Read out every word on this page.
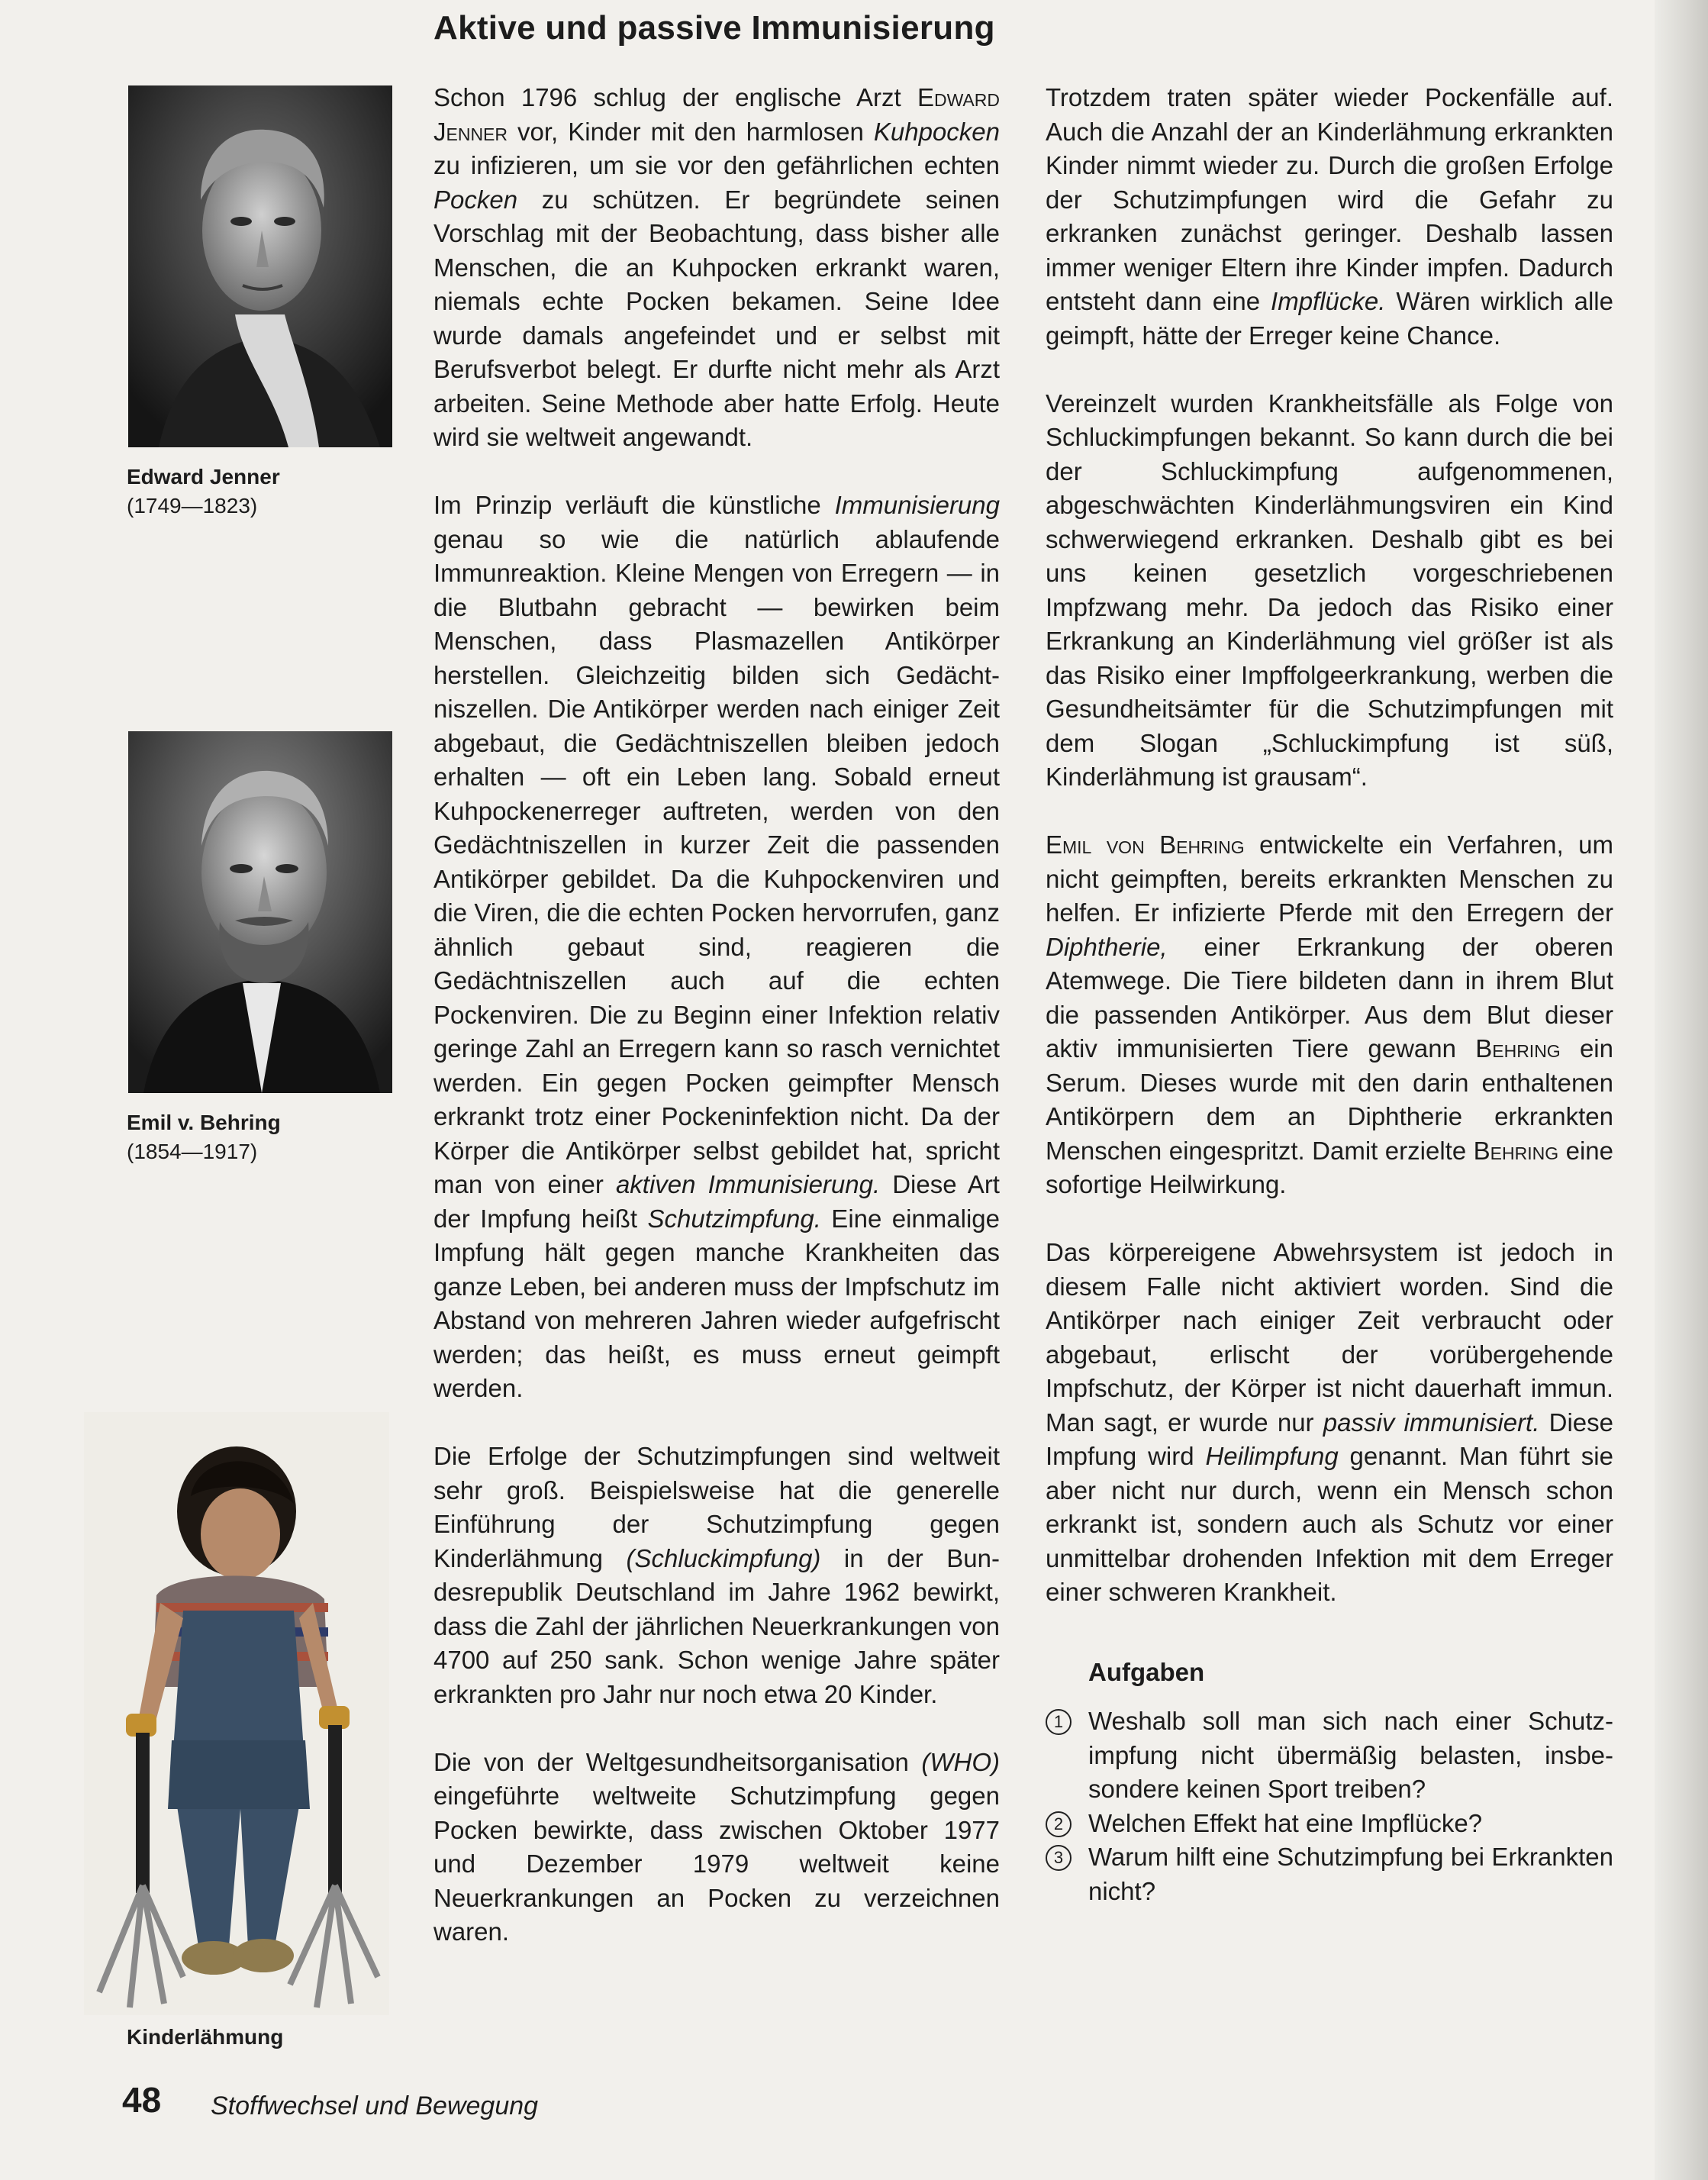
Aktive und passive Immunisierung
Edward Jenner
(1749—1823)
Emil v. Behring
(1854—1917)
Kinderlähmung

Schon 1796 schlug der englische Arzt Edward Jenner vor, Kinder mit den harmlosen Kuhpocken zu infizieren, um sie vor den gefährlichen echten Pocken zu schützen. Er begründete seinen Vorschlag mit der Beobachtung, dass bisher alle Menschen, die an Kuhpocken erkrankt waren, niemals echte Pocken bekamen. Seine Idee wurde damals angefeindet und er selbst mit Berufsverbot belegt. Er durfte nicht mehr als Arzt arbeiten. Seine Methode aber hatte Erfolg. Heute wird sie weltweit angewandt.

Im Prinzip verläuft die künstliche Immunisierung genau so wie die natürlich ablaufende Immunreaktion. Kleine Mengen von Erregern — in die Blutbahn gebracht — bewirken beim Menschen, dass Plasmazellen Antikörper herstellen. Gleichzeitig bilden sich Gedächtniszellen. Die Antikörper werden nach einiger Zeit abgebaut, die Gedächtniszellen bleiben jedoch erhalten — oft ein Leben lang. Sobald erneut Kuhpockenerreger auftreten, werden von den Gedächtniszellen in kurzer Zeit die passenden Antikörper gebildet. Da die Kuhpockenviren und die Viren, die die echten Pocken hervorrufen, ganz ähnlich gebaut sind, reagieren die Gedächtniszellen auch auf die echten Pockenviren. Die zu Beginn einer Infektion relativ geringe Zahl an Erregern kann so rasch vernichtet werden. Ein gegen Pocken geimpfter Mensch erkrankt trotz einer Pockeninfektion nicht. Da der Körper die Antikörper selbst gebildet hat, spricht man von einer aktiven Immunisierung. Diese Art der Impfung heißt Schutzimpfung. Eine einmalige Impfung hält gegen manche Krankheiten das ganze Leben, bei anderen muss der Impfschutz im Abstand von mehreren Jahren wieder aufgefrischt werden; das heißt, es muss erneut geimpft werden.

Die Erfolge der Schutzimpfungen sind weltweit sehr groß. Beispielsweise hat die generelle Einführung der Schutzimpfung gegen Kinderlähmung (Schluckimpfung) in der Bundesrepublik Deutschland im Jahre 1962 bewirkt, dass die Zahl der jährlichen Neuerkrankungen von 4700 auf 250 sank. Schon wenige Jahre später erkrankten pro Jahr nur noch etwa 20 Kinder.

Die von der Weltgesundheitsorganisation (WHO) eingeführte weltweite Schutzimpfung gegen Pocken bewirkte, dass zwischen Oktober 1977 und Dezember 1979 weltweit keine Neuerkrankungen an Pocken zu verzeichnen waren.

Trotzdem traten später wieder Pockenfälle auf. Auch die Anzahl der an Kinderlähmung erkrankten Kinder nimmt wieder zu. Durch die großen Erfolge der Schutzimpfungen wird die Gefahr zu erkranken zunächst geringer. Deshalb lassen immer weniger Eltern ihre Kinder impfen. Dadurch entsteht dann eine Impflücke. Wären wirklich alle geimpft, hätte der Erreger keine Chance.

Vereinzelt wurden Krankheitsfälle als Folge von Schluckimpfungen bekannt. So kann durch die bei der Schluckimpfung aufgenommenen, abgeschwächten Kinderlähmungsviren ein Kind schwerwiegend erkranken. Deshalb gibt es bei uns keinen gesetzlich vorgeschriebenen Impfzwang mehr. Da jedoch das Risiko einer Erkrankung an Kinderlähmung viel größer ist als das Risiko einer Impffolgeerkrankung, werben die Gesundheitsämter für die Schutzimpfungen mit dem Slogan „Schluckimpfung ist süß, Kinderlähmung ist grausam“.

Emil von Behring entwickelte ein Verfahren, um nicht geimpften, bereits erkrankten Menschen zu helfen. Er infizierte Pferde mit den Erregern der Diphtherie, einer Erkrankung der oberen Atemwege. Die Tiere bildeten dann in ihrem Blut die passenden Antikörper. Aus dem Blut dieser aktiv immunisierten Tiere gewann Behring ein Serum. Dieses wurde mit den darin enthaltenen Antikörpern dem an Diphtherie erkrankten Menschen eingespritzt. Damit erzielte Behring eine sofortige Heilwirkung.

Das körpereigene Abwehrsystem ist jedoch in diesem Falle nicht aktiviert worden. Sind die Antikörper nach einiger Zeit verbraucht oder abgebaut, erlischt der vorübergehende Impfschutz, der Körper ist nicht dauerhaft immun. Man sagt, er wurde nur passiv immunisiert. Diese Impfung wird Heilimpfung genannt. Man führt sie aber nicht nur durch, wenn ein Mensch schon erkrankt ist, sondern auch als Schutz vor einer unmittelbar drohenden Infektion mit dem Erreger einer schweren Krankheit.

Aufgaben
1 Weshalb soll man sich nach einer Schutzimpfung nicht übermäßig belasten, insbesondere keinen Sport treiben?
2 Welchen Effekt hat eine Impflücke?
3 Warum hilft eine Schutzimpfung bei Erkrankten nicht?
48 Stoffwechsel und Bewegung
